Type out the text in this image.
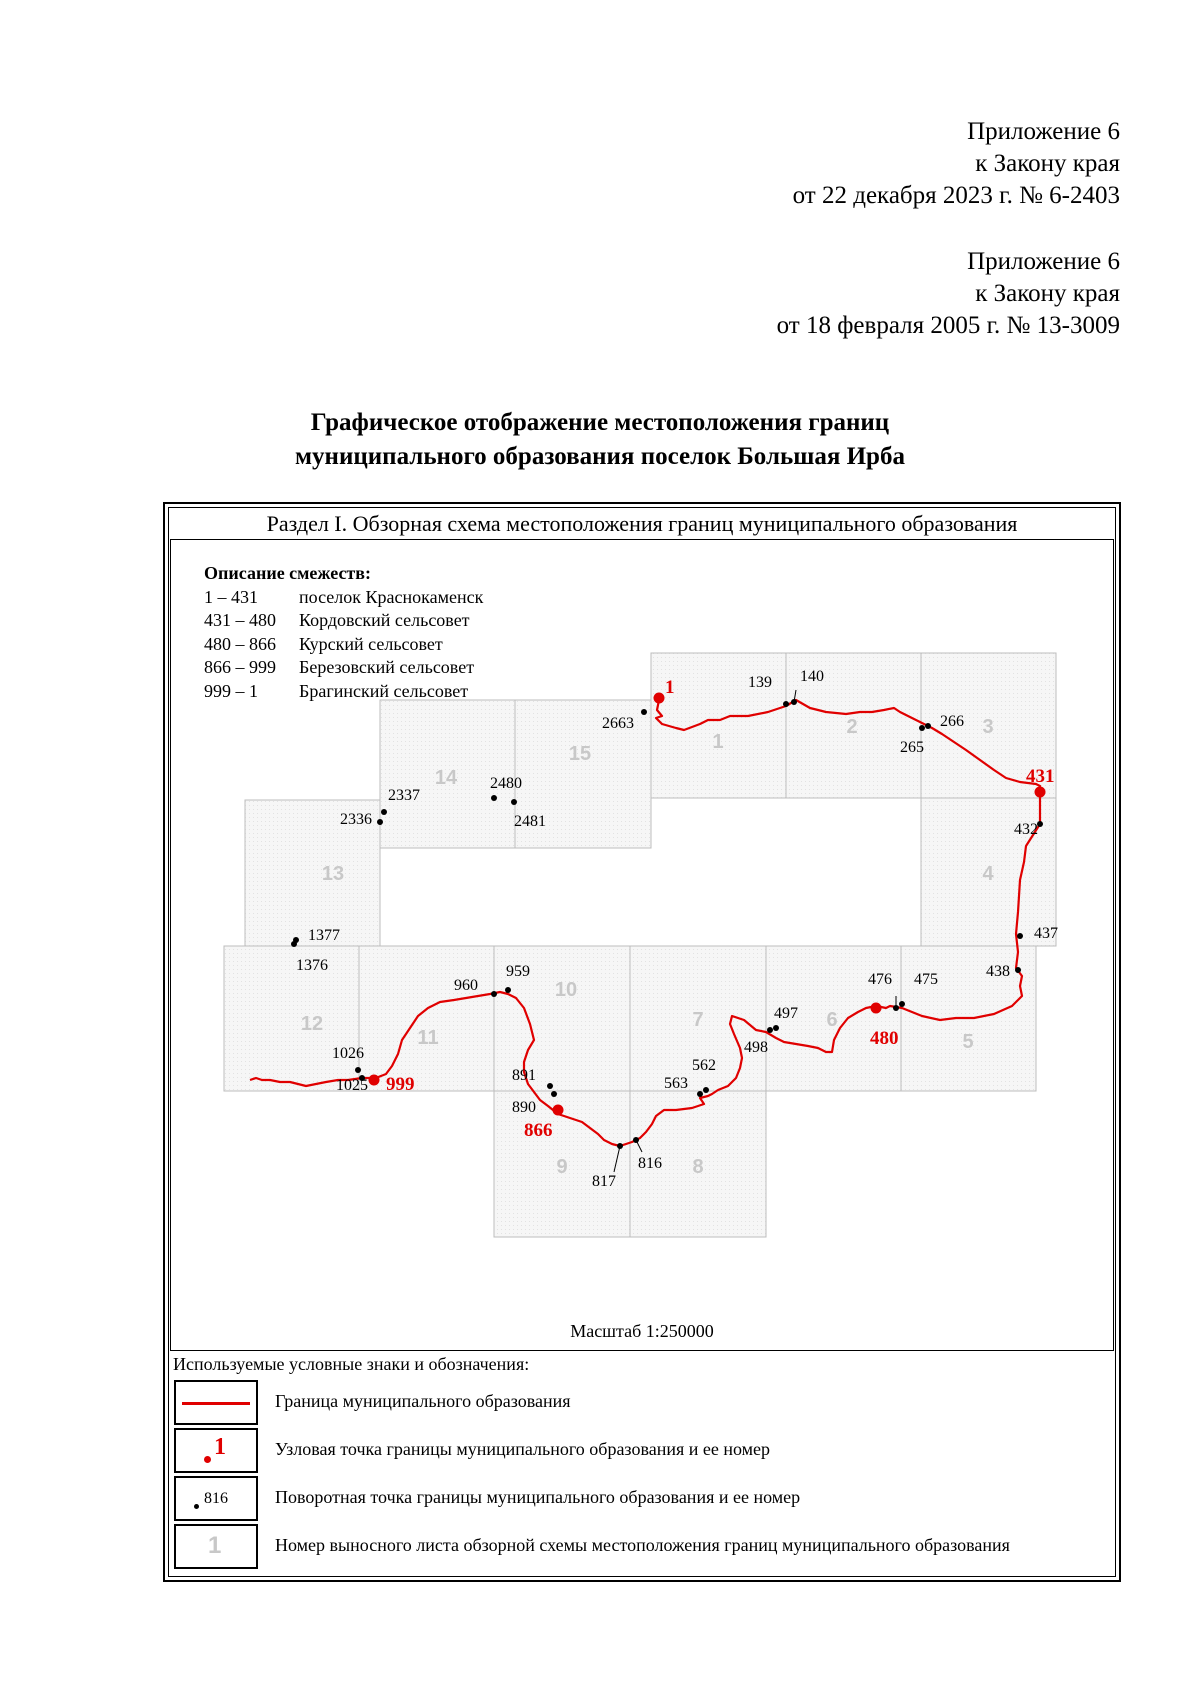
Приложение 6
к Закону края
от 22 декабря 2023 г. № 6-2403
Приложение 6
к Закону края
от 18 февраля 2005 г. № 13-3009
Графическое отображение местоположения границ
муниципального образования поселок Большая Ирба
Раздел I. Обзорная схема местоположения границ муниципального образования
1
2	3
4
5
6
7
8
9
10
11
12
13
14
15
1
431
480
866
999
139 140
265
266
432
437
438
475
476
497
498
562
563
816
817
890
891
959
960
1025
1026
1376
1377
2336
2337
2480
2481
2663
Описание смежеств:
1 – 431 поселок Краснокаменск
431 – 480 Кордовский сельсовет
480 – 866 Курский сельсовет
866 – 999 Березовский сельсовет
999 – 1 Брагинский сельсовет
Масштаб 1:250000
Используемые условные знаки и обозначения:
Граница муниципального образования
1	Узловая точка границы муниципального образования и ее номер
816	Поворотная точка границы муниципального образования и ее номер
1	Номер выносного листа обзорной схемы местоположения границ муниципального образования
